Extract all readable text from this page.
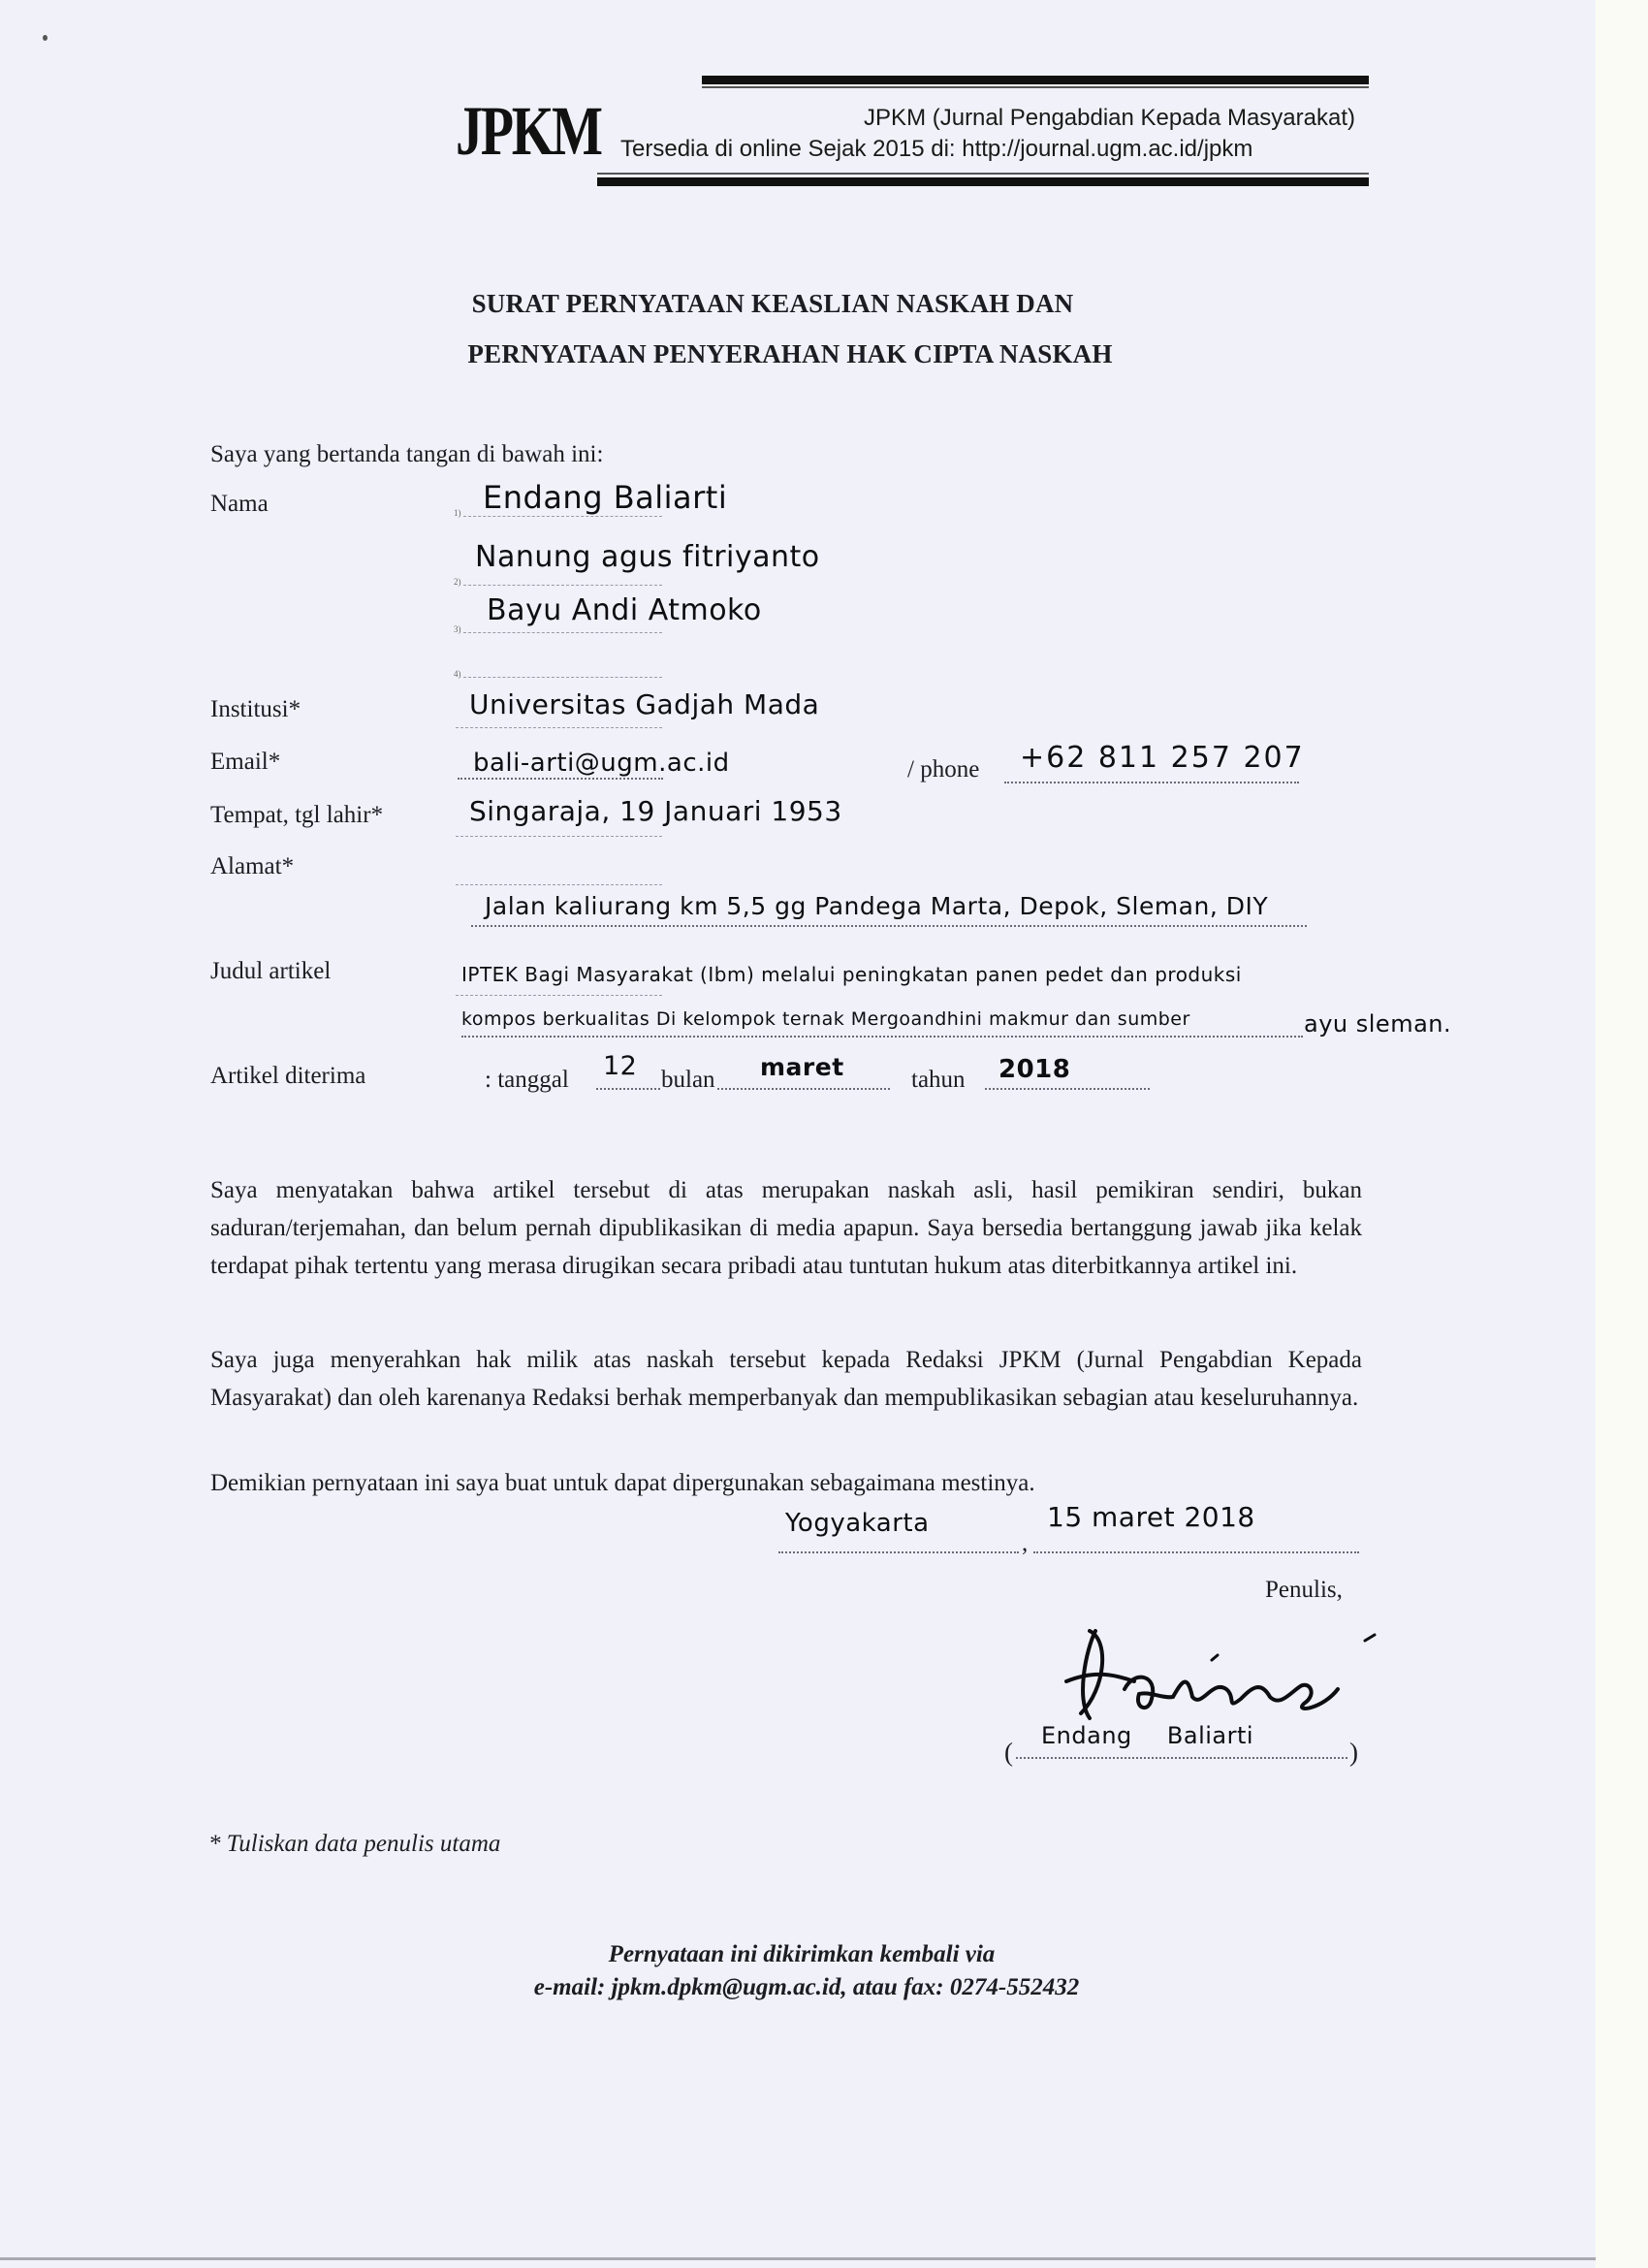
JPKM	JPKM (Jurnal Pengabdian Kepada Masyarakat)
Tersedia di online Sejak 2015 di: http://journal.ugm.ac.id/jpkm
SURAT PERNYATAAN KEASLIAN NASKAH DAN
PERNYATAAN PENYERAHAN HAK CIPTA NASKAH
Saya yang bertanda tangan di bawah ini:
Nama	1) Endang Baliarti
2)
Nanung agus fitriyanto
3)
Bayu Andi Atmoko
4)
Institusi*	Universitas Gadjah Mada
Email*	bali-arti@ugm.ac.id	/ phone +62 811 257 207
Tempat, tgl lahir*	Singaraja, 19 Januari 1953
Alamat*
Jalan kaliurang km 5,5 gg Pandega Marta, Depok, Sleman, DIY
Judul artikel	IPTEK Bagi Masyarakat (Ibm) melalui peningkatan panen pedet dan produksi
kompos berkualitas Di kelompok ternak Mergoandhini makmur dan sumber	ayu sleman.
Artikel diterima	: tanggal 12 bulan maret	tahun 2018
Saya menyatakan bahwa artikel tersebut di atas merupakan naskah asli, hasil pemikiran sendiri, bukan saduran/terjemahan, dan belum pernah dipublikasikan di media apapun. Saya bersedia bertanggung jawab jika kelak terdapat pihak tertentu yang merasa dirugikan secara pribadi atau tuntutan hukum atas diterbitkannya artikel ini.
Saya juga menyerahkan hak milik atas naskah tersebut kepada Redaksi JPKM (Jurnal Pengabdian Kepada Masyarakat) dan oleh karenanya Redaksi berhak memperbanyak dan mempublikasikan sebagian atau keseluruhannya.
Demikian pernyataan ini saya buat untuk dapat dipergunakan sebagaimana mestinya.
Yogyakarta
,
15 maret 2018
Penulis,
(
Endang Baliarti
)
* Tuliskan data penulis utama
Pernyataan ini dikirimkan kembali via
e-mail: jpkm.dpkm@ugm.ac.id, atau fax: 0274-552432
